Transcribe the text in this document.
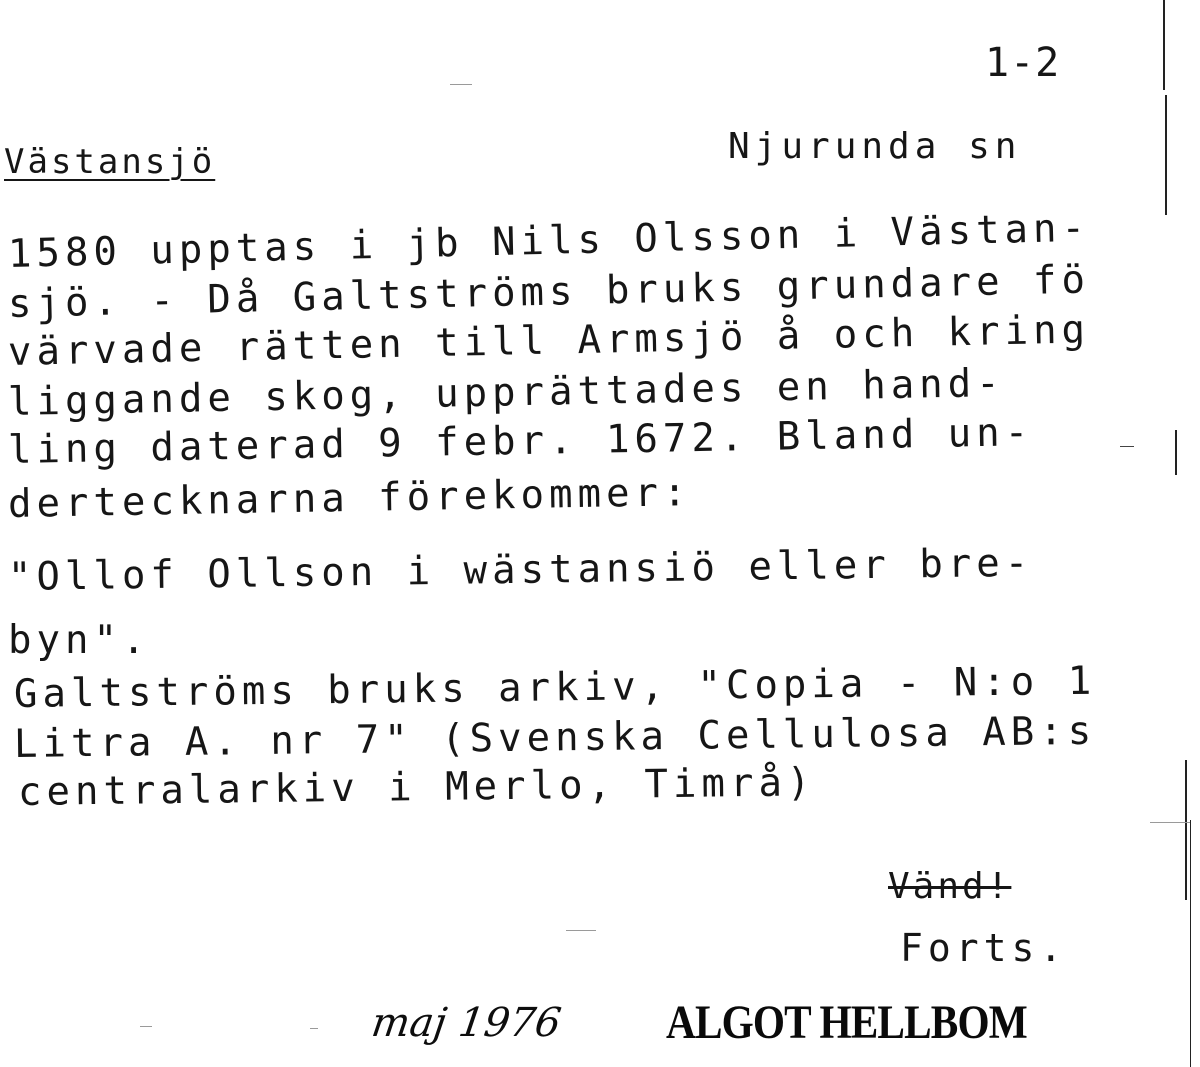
1-2
Västansjö	Njurunda sn
1580 upptas i jb Nils Olsson i Västan-
sjö. - Då Galtströms bruks grundare fö
värvade rätten till Armsjö å och kring
liggande skog, upprättades en hand-
ling daterad 9 febr. 1672. Bland un-
dertecknarna förekommer:
"Ollof Ollson i wästansiö eller bre-
byn".
Galtströms bruks arkiv, "Copia - N:o 1
Litra A. nr 7" (Svenska Cellulosa AB:s
centralarkiv i Merlo, Timrå)
Vänd!
Forts.
maj 1976 ALGOT HELLBOM
